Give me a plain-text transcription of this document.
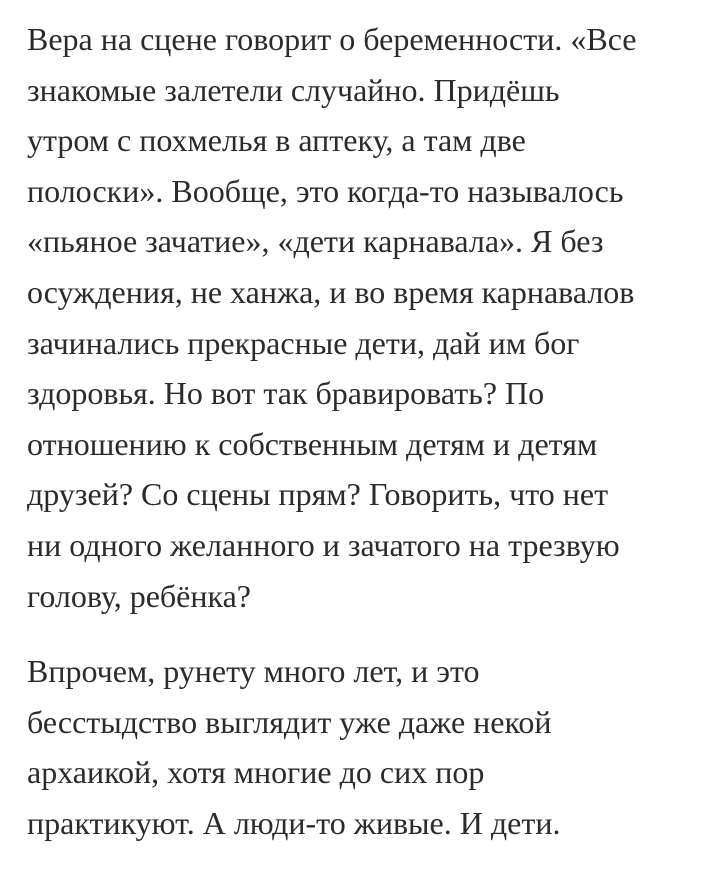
Вера на сцене говорит о беременности. «Все
знакомые залетели случайно. Придёшь
утром с похмелья в аптеку, а там две
полоски». Вообще, это когда-то называлось
«пьяное зачатие», «дети карнавала». Я без
осуждения, не ханжа, и во время карнавалов
зачинались прекрасные дети, дай им бог
здоровья. Но вот так бравировать? По
отношению к собственным детям и детям
друзей? Со сцены прям? Говорить, что нет
ни одного желанного и зачатого на трезвую
голову, ребёнка?

Впрочем, рунету много лет, и это
бесстыдство выглядит уже даже некой
архаикой, хотя многие до сих пор
практикуют. А люди-то живые. И дети.
